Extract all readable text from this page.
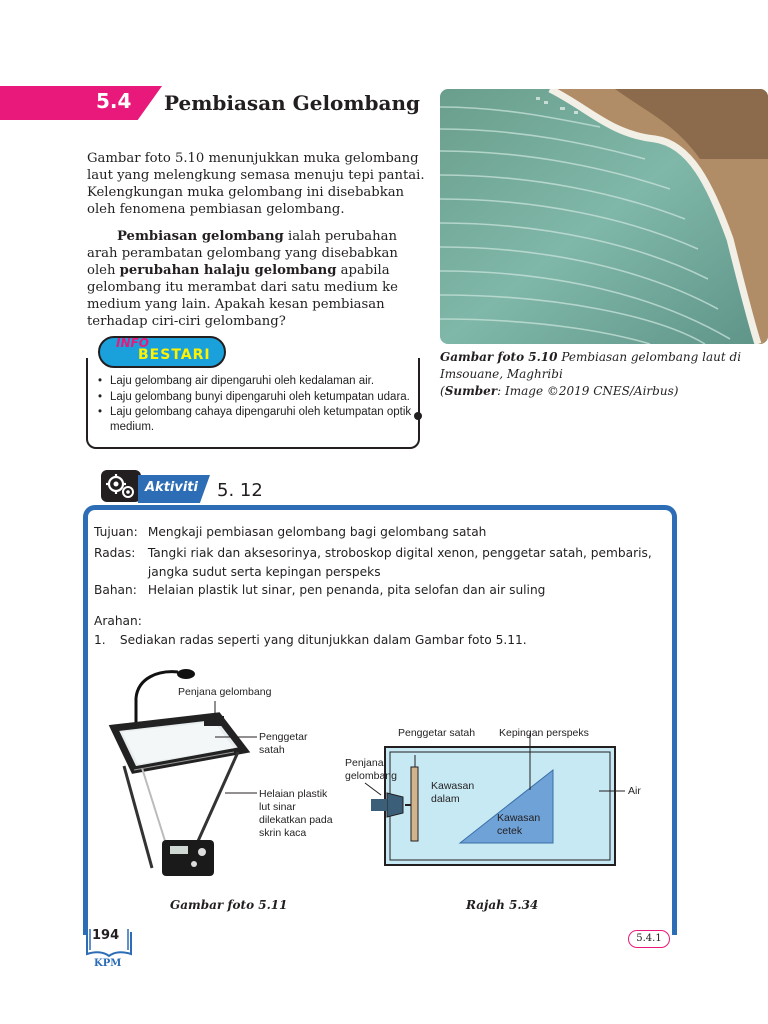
5.4 Pembiasan Gelombang

Gambar foto 5.10 menunjukkan muka gelombang laut yang melengkung semasa menuju tepi pantai. Kelengkungan muka gelombang ini disebabkan oleh fenomena pembiasan gelombang.

Pembiasan gelombang ialah perubahan arah perambatan gelombang yang disebabkan oleh perubahan halaju gelombang apabila gelombang itu merambat dari satu medium ke medium yang lain. Apakah kesan pembiasan terhadap ciri-ciri gelombang?

Gambar foto 5.10 Pembiasan gelombang laut di Imsouane, Maghribi
(Sumber: Image ©2019 CNES/Airbus)
INFO
BESTARI
• Laju gelombang air dipengaruhi oleh kedalaman air.
• Laju gelombang bunyi dipengaruhi oleh ketumpatan udara.
• Laju gelombang cahaya dipengaruhi oleh ketumpatan optik medium.
Aktiviti 5. 12
Tujuan: Mengkaji pembiasan gelombang bagi gelombang satah
Radas: Tangki riak dan aksesorinya, stroboskop digital xenon, penggetar satah, pembaris,
jangka sudut serta kepingan perspeks
Bahan: Helaian plastik lut sinar, pen penanda, pita selofan dan air suling
Arahan:
1. Sediakan radas seperti yang ditunjukkan dalam Gambar foto 5.11.
Penjana gelombang
Penggetar
satah
Helaian plastik
lut sinar
dilekatkan pada
skrin kaca
Penggetar satah Kepingan perspeks
Penjana
gelombang
Kawasan
dalam
Kawasan
cetek
Air
Gambar foto 5.11	Rajah 5.34
194
KPM
5.4.1
